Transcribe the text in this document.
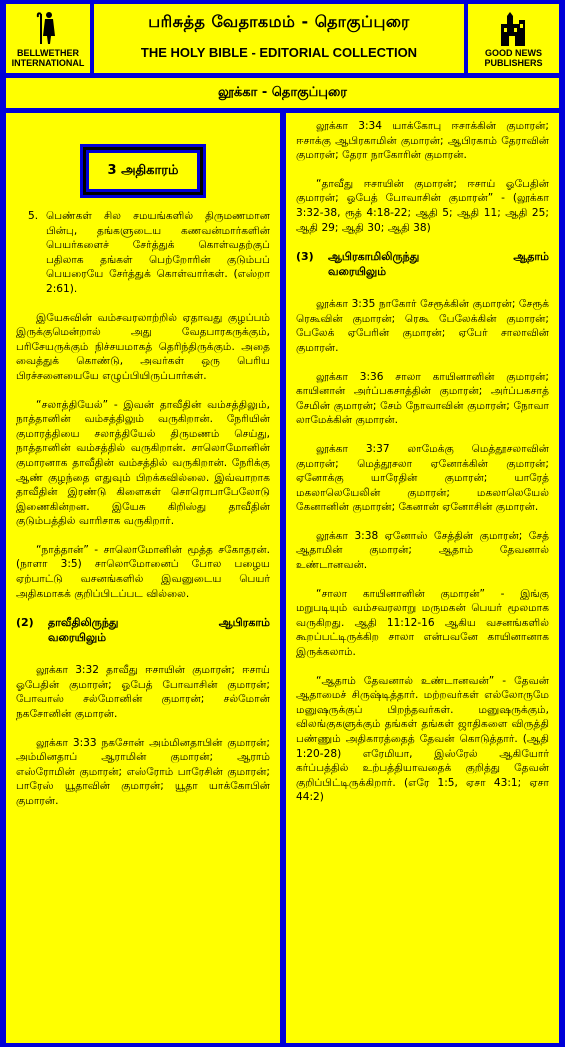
BELLWETHER
INTERNATIONAL
பரிசுத்த வேதாகமம் - தொகுப்புரை
THE HOLY BIBLE - EDITORIAL COLLECTION	GOOD NEWS
PUBLISHERS
லூக்கா - தொகுப்புரை
3 அதிகாரம்
5. பெண்கள் சில சமயங்களில் திருமணமான பின்பு, தங்களுடைய கணவன்மார்களின் பெயர்களைச் சேர்த்துக் கொள்வதற்குப் பதிலாக தங்கள் பெற்றோரின் குடும்பப் பெயரையே சேர்த்துக் கொள்வார்கள். (எஸ்றா 2:61).

இயேசுவின் வம்சவரலாற்றில் ஏதாவது குழப்பம் இருக்குமென்றால் அது வேதபாரகருக்கும், பரிசேயருக்கும் நிச்சயமாகத் தெரிந்திருக்கும். அதை வைத்துக் கொண்டு, அவர்கள் ஒரு பெரிய பிரச்சனையையே எழுப்பியிருப்பார்கள்.

“சலாத்தியேல்” - இவன் தாவீதின் வம்சத்திலும், நாத்தானின் வம்சத்திலும் வருகிறான். நேரியின் குமாரத்தியை சலாத்தியேல் திருமணம் செய்து, நாத்தானின் வம்சத்தில் வருகிறான். சாலொமோனின் குமாரனாக தாவீதின் வம்சத்தில் வருகிறான். நேரிக்கு ஆண் குழந்தை எதுவும் பிறக்கவில்லை. இவ்வாறாக தாவீதின் இரண்டு கிளைகள் சொரொபாபேலோடு இணைகின்றன. இயேசு கிறிஸ்து தாவீதின் குடும்பத்தில் வாரிசாக வருகிறார்.

“நாத்தான்” - சாலொமோனின் மூத்த சகோதரன். (நாளா 3:5) சாலொமோனைப் போல பழைய ஏற்பாட்டு வசனங்களில் இவனுடைய பெயர் அதிகமாகக் குறிப்பிடப்பட வில்லை.

(2)	தாவீதிலிருந்து ஆபிரகாம்
வரையிலும்

லூக்கா 3:32 தாவீது ஈசாயின் குமாரன்; ஈசாய் ஓபேதின் குமாரன்; ஓபேத் போவாசின் குமாரன்; போவாஸ் சல்மோனின் குமாரன்; சல்மோன் நகசோனின் குமாரன்.

லூக்கா 3:33 நகசோன் அம்மினதாபின் குமாரன்; அம்மினதாப் ஆராமின் குமாரன்; ஆராம் எஸ்ரோமின் குமாரன்; எஸ்ரோம் பாரேசின் குமாரன்; பாரேஸ் யூதாவின் குமாரன்; யூதா யாக்கோபின் குமாரன்.

லூக்கா 3:34 யாக்கோபு ஈசாக்கின் குமாரன்; ஈசாக்கு ஆபிரகாமின் குமாரன்; ஆபிரகாம் தேராவின் குமாரன்; தேரா நாகோரின் குமாரன்.

“தாவீது ஈசாயின் குமாரன்; ஈசாய் ஓபேதின் குமாரன்; ஓபேத் போவாசின் குமாரன்” - (லூக்கா 3:32-38, ரூத் 4:18-22; ஆதி 5; ஆதி 11; ஆதி 25; ஆதி 29; ஆதி 30; ஆதி 38)

(3)	ஆபிரகாமிலிருந்து ஆதாம்
வரையிலும்

லூக்கா 3:35 நாகோர் சேரூக்கின் குமாரன்; சேரூக் ரெகூவின் குமாரன்; ரெகூ பேலேக்கின் குமாரன்; பேலேக் ஏபேரின் குமாரன்; ஏபேர் சாலாவின் குமாரன்.

லூக்கா 3:36 சாலா காயினானின் குமாரன்; காயினான் அர்ப்பகசாத்தின் குமாரன்; அர்ப்பகசாத் சேமின் குமாரன்; சேம் நோவாவின் குமாரன்; நோவா லாமேக்கின் குமாரன்.

லூக்கா 3:37 லாமேக்கு மெத்தூசலாவின் குமாரன்; மெத்தூசலா ஏனோக்கின் குமாரன்; ஏனோக்கு யாரேதின் குமாரன்; யாரேத் மகலாலெயேலின் குமாரன்; மகலாலெயேல் கேனானின் குமாரன்; கேனான் ஏனோசின் குமாரன்.

லூக்கா 3:38 ஏனோஸ் சேத்தின் குமாரன்; சேத் ஆதாமின் குமாரன்; ஆதாம் தேவனால் உண்டானவன்.

“சாலா காயினானின் குமாரன்” - இங்கு மறுபடியும் வம்சவரலாறு மருமகன் பெயர் மூலமாக வருகிறது. ஆதி 11:12-16 ஆகிய வசனங்களில் கூறப்பட்டிருக்கிற சாலா என்பவனே காயினானாக இருக்கலாம்.

“ஆதாம் தேவனால் உண்டானவன்” - தேவன் ஆதாமைச் சிருஷ்டித்தார். மற்றவர்கள் எல்லோருமே மனுஷருக்குப் பிறந்தவர்கள். மனுஷருக்கும், விலங்குகளுக்கும் தங்கள் தங்கள் ஜாதிகளை விருத்தி பண்ணும் அதிகாரத்தைத் தேவன் கொடுத்தார். (ஆதி 1:20-28) எரேமியா, இஸ்ரேல் ஆகியோர் கர்ப்பத்தில் உற்பத்தியாவதைக் குறித்து தேவன் குறிப்பிட்டிருக்கிறார். (எரே 1:5, ஏசா 43:1; ஏசா 44:2)
